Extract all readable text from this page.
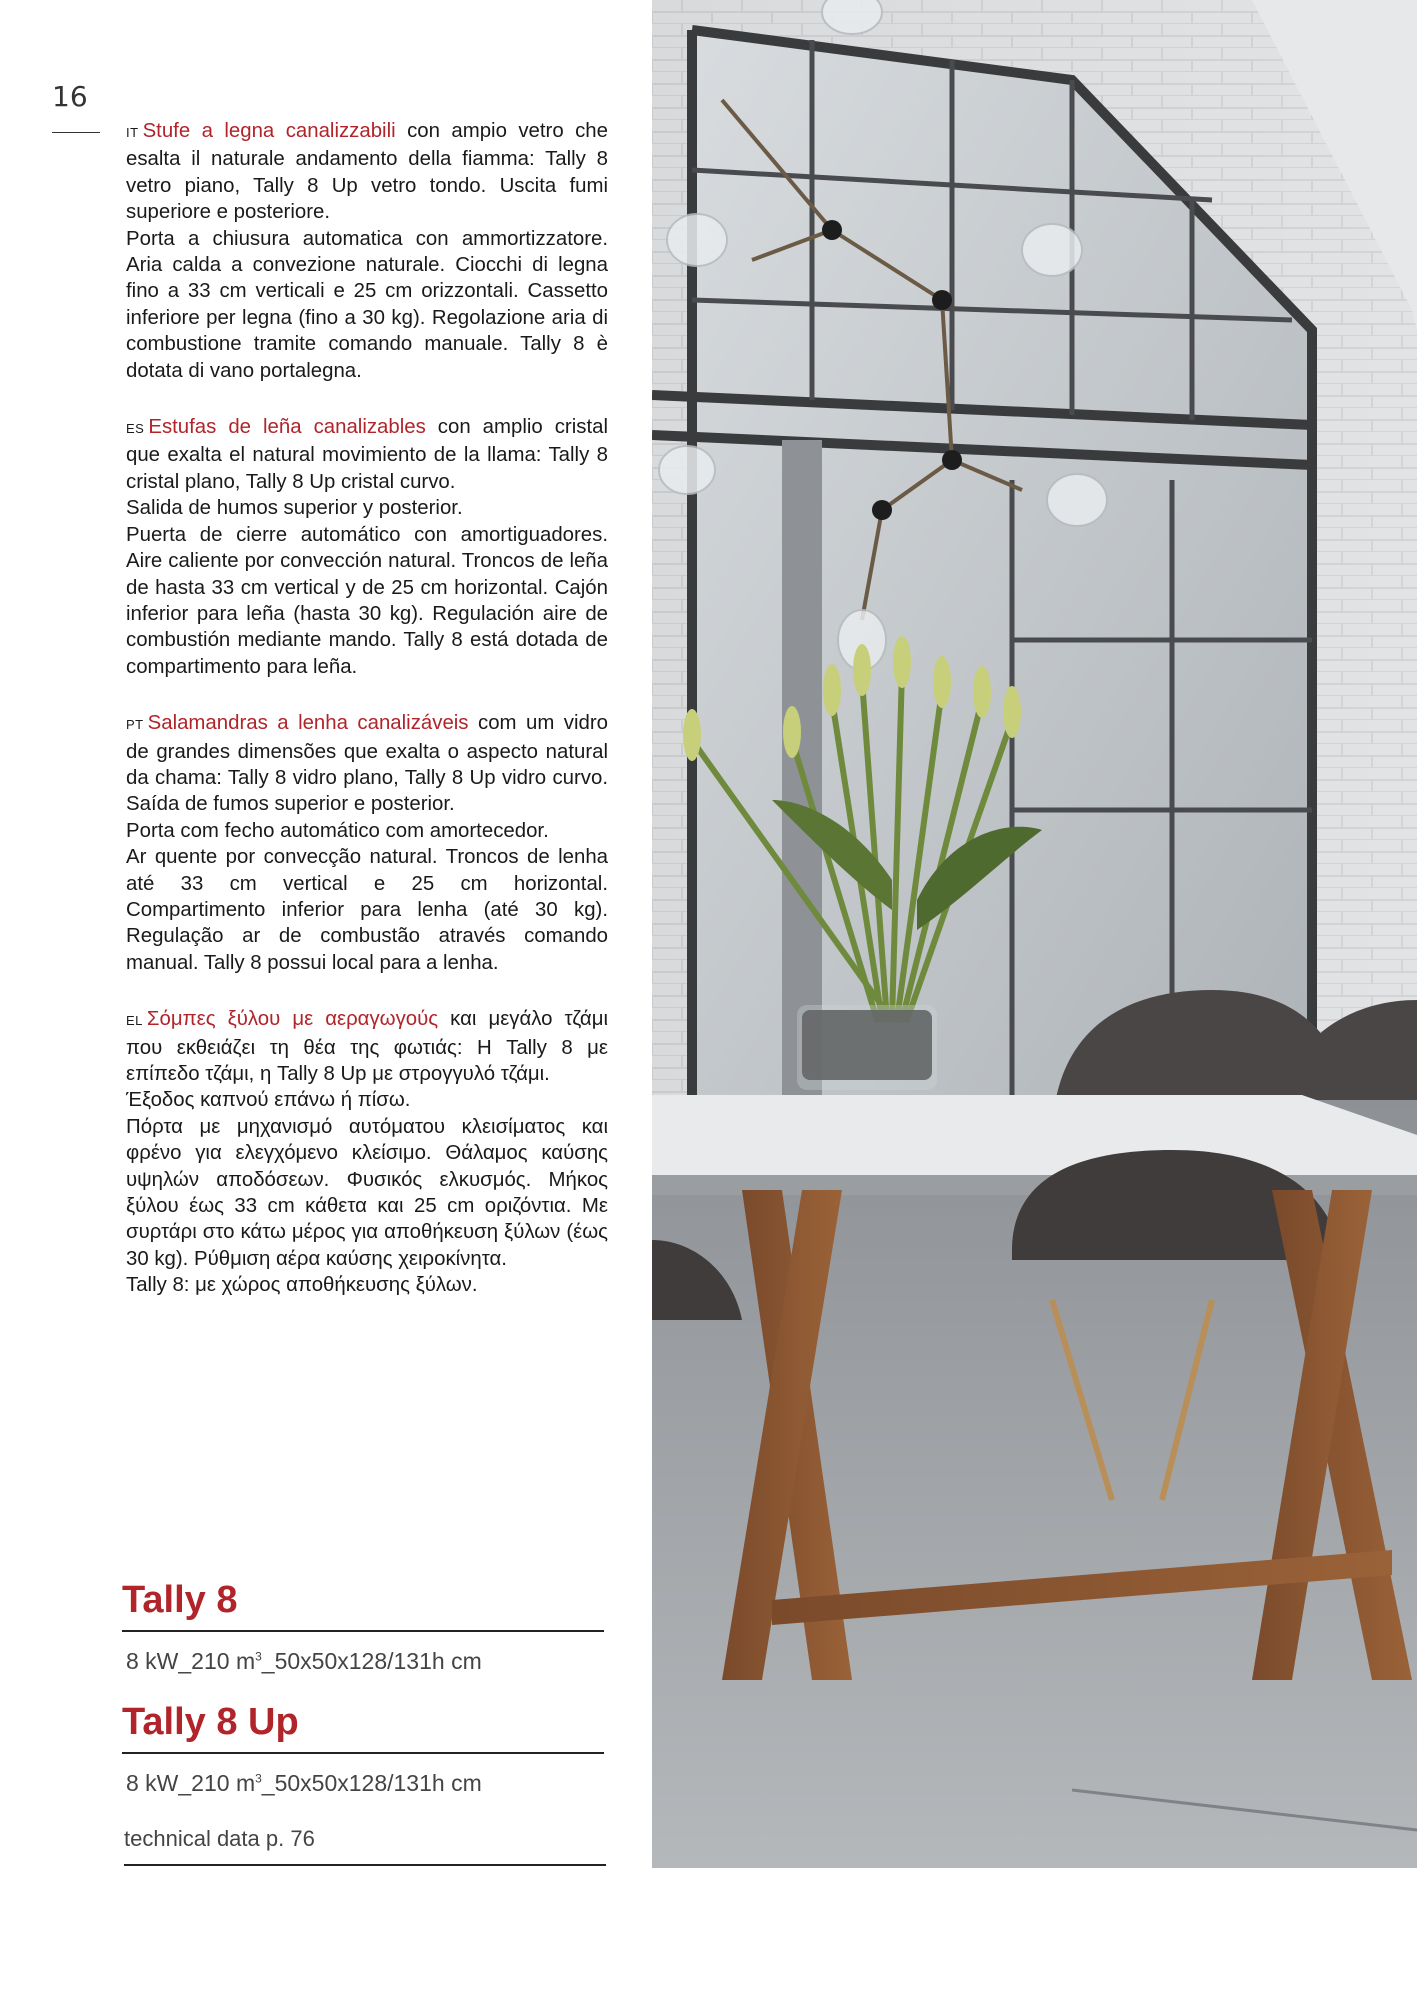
16

IT Stufe a legna canalizzabili con ampio vetro che esalta il naturale andamento della fiamma: Tally 8 vetro piano, Tally 8 Up vetro tondo. Uscita fumi superiore e posteriore.
Porta a chiusura automatica con ammortizzatore. Aria calda a convezione naturale. Ciocchi di legna fino a 33 cm verticali e 25 cm orizzontali. Cassetto inferiore per legna (fino a 30 kg). Regolazione aria di combustione tramite comando manuale. Tally 8 è dotata di vano portalegna.

ES Estufas de leña canalizables con amplio cristal que exalta el natural movimiento de la llama: Tally 8 cristal plano, Tally 8 Up cristal curvo.
Salida de humos superior y posterior.
Puerta de cierre automático con amortiguadores. Aire caliente por convección natural. Troncos de leña de hasta 33 cm vertical y de 25 cm horizontal. Cajón inferior para leña (hasta 30 kg). Regulación aire de combustión mediante mando. Tally 8 está dotada de compartimento para leña.

PT Salamandras a lenha canalizáveis com um vidro de grandes dimensões que exalta o aspecto natural da chama: Tally 8 vidro plano, Tally 8 Up vidro curvo. Saída de fumos superior e posterior.
Porta com fecho automático com amortecedor.
Ar quente por convecção natural. Troncos de lenha até 33 cm vertical e 25 cm horizontal. Compartimento inferior para lenha (até 30 kg). Regulação ar de combustão através comando manual. Tally 8 possui local para a lenha.

EL Σόμπες ξύλου με αεραγωγούς και μεγάλο τζάμι που εκθειάζει τη θέα της φωτιάς: Η Tally 8 με επίπεδο τζάμι, η Tally 8 Up με στρογγυλό τζάμι.
Έξοδος καπνού επάνω ή πίσω.
Πόρτα με μηχανισμό αυτόματου κλεισίματος και φρένο για ελεγχόμενο κλείσιμο. Θάλαμος καύσης υψηλών αποδόσεων. Φυσικός ελκυσμός. Μήκος ξύλου έως 33 cm κάθετα και 25 cm οριζόντια. Με συρτάρι στο κάτω μέρος για αποθήκευση ξύλων (έως 30 kg). Ρύθμιση αέρα καύσης χειροκίνητα.
Tally 8: με χώρος αποθήκευσης ξύλων.

Tally 8
8 kW_210 $m^3\_50x50x128/131h$ cm
Tally 8 Up
8 kW_210 $m^3\_50x50x128/131h$ cm
technical data p. 76
